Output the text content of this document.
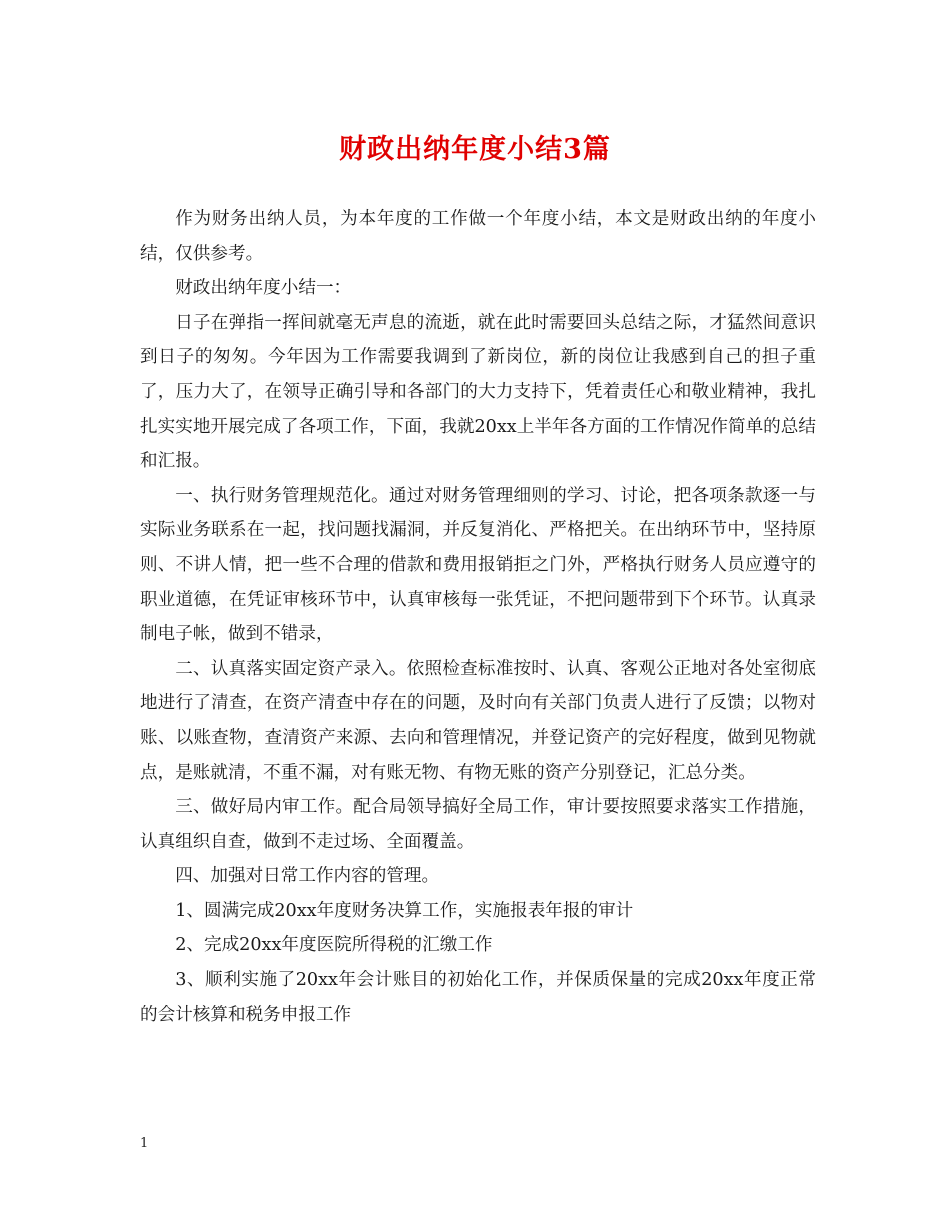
财政出纳年度小结3篇

作为财务出纳人员，为本年度的工作做一个年度小结，本文是财政出纳的年度小结，仅供参考。

财政出纳年度小结一：

日子在弹指一挥间就毫无声息的流逝，就在此时需要回头总结之际，才猛然间意识到日子的匆匆。今年因为工作需要我调到了新岗位，新的岗位让我感到自己的担子重了，压力大了，在领导正确引导和各部门的大力支持下，凭着责任心和敬业精神，我扎扎实实地开展完成了各项工作，下面，我就20xx上半年各方面的工作情况作简单的总结和汇报。

一、执行财务管理规范化。通过对财务管理细则的学习、讨论，把各项条款逐一与实际业务联系在一起，找问题找漏洞，并反复消化、严格把关。在出纳环节中，坚持原则、不讲人情，把一些不合理的借款和费用报销拒之门外，严格执行财务人员应遵守的职业道德，在凭证审核环节中，认真审核每一张凭证，不把问题带到下个环节。认真录制电子帐，做到不错录，

二、认真落实固定资产录入。依照检查标准按时、认真、客观公正地对各处室彻底地进行了清查，在资产清查中存在的问题，及时向有关部门负责人进行了反馈；以物对账、以账查物，查清资产来源、去向和管理情况，并登记资产的完好程度，做到见物就点，是账就清，不重不漏，对有账无物、有物无账的资产分别登记，汇总分类。

三、做好局内审工作。配合局领导搞好全局工作，审计要按照要求落实工作措施，认真组织自查，做到不走过场、全面覆盖。

四、加强对日常工作内容的管理。

1、圆满完成20xx年度财务决算工作，实施报表年报的审计

2、完成20xx年度医院所得税的汇缴工作

3、顺利实施了20xx年会计账目的初始化工作，并保质保量的完成20xx年度正常的会计核算和税务申报工作

1
